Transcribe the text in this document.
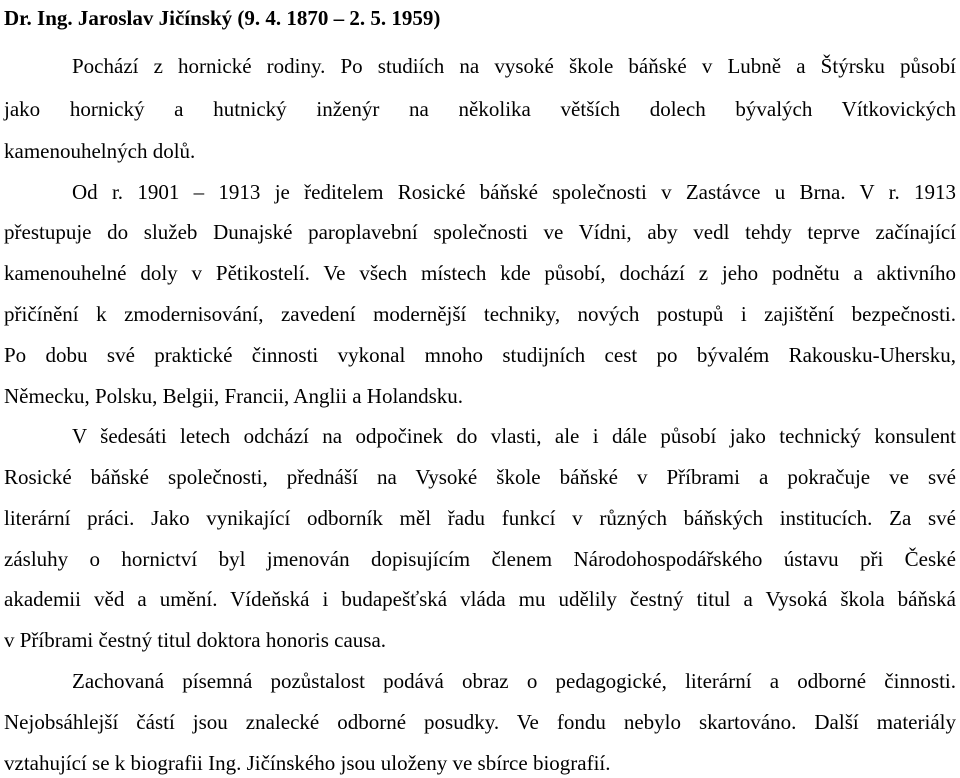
Dr. Ing. Jaroslav Jičínský (9. 4. 1870 – 2. 5. 1959)

Pochází z hornické rodiny. Po studiích na vysoké škole báňské v Lubně a Štýrsku působí

jako hornický a hutnický inženýr na několika větších dolech bývalých Vítkovických

kamenouhelných dolů.

Od r. 1901 – 1913 je ředitelem Rosické báňské společnosti v Zastávce u Brna. V r. 1913

přestupuje do služeb Dunajské paroplavební společnosti ve Vídni, aby vedl tehdy teprve začínající

kamenouhelné doly v Pětikostelí. Ve všech místech kde působí, dochází z jeho podnětu a aktivního

přičínění k zmodernisování, zavedení modernější techniky, nových postupů i zajištění bezpečnosti.

Po dobu své praktické činnosti vykonal mnoho studijních cest po bývalém Rakousku-Uhersku,

Německu, Polsku, Belgii, Francii, Anglii a Holandsku.

V šedesáti letech odchází na odpočinek do vlasti, ale i dále působí jako technický konsulent

Rosické báňské společnosti, přednáší na Vysoké škole báňské v Příbrami a pokračuje ve své

literární práci. Jako vynikající odborník měl řadu funkcí v různých báňských institucích. Za své

zásluhy o hornictví byl jmenován dopisujícím členem Národohospodářského ústavu při České

akademii věd a umění. Vídeňská i budapešťská vláda mu udělily čestný titul a Vysoká škola báňská

v Příbrami čestný titul doktora honoris causa.

Zachovaná písemná pozůstalost podává obraz o pedagogické, literární a odborné činnosti.

Nejobsáhlejší částí jsou znalecké odborné posudky. Ve fondu nebylo skartováno. Další materiály

vztahující se k biografii Ing. Jičínského jsou uloženy ve sbírce biografií.
